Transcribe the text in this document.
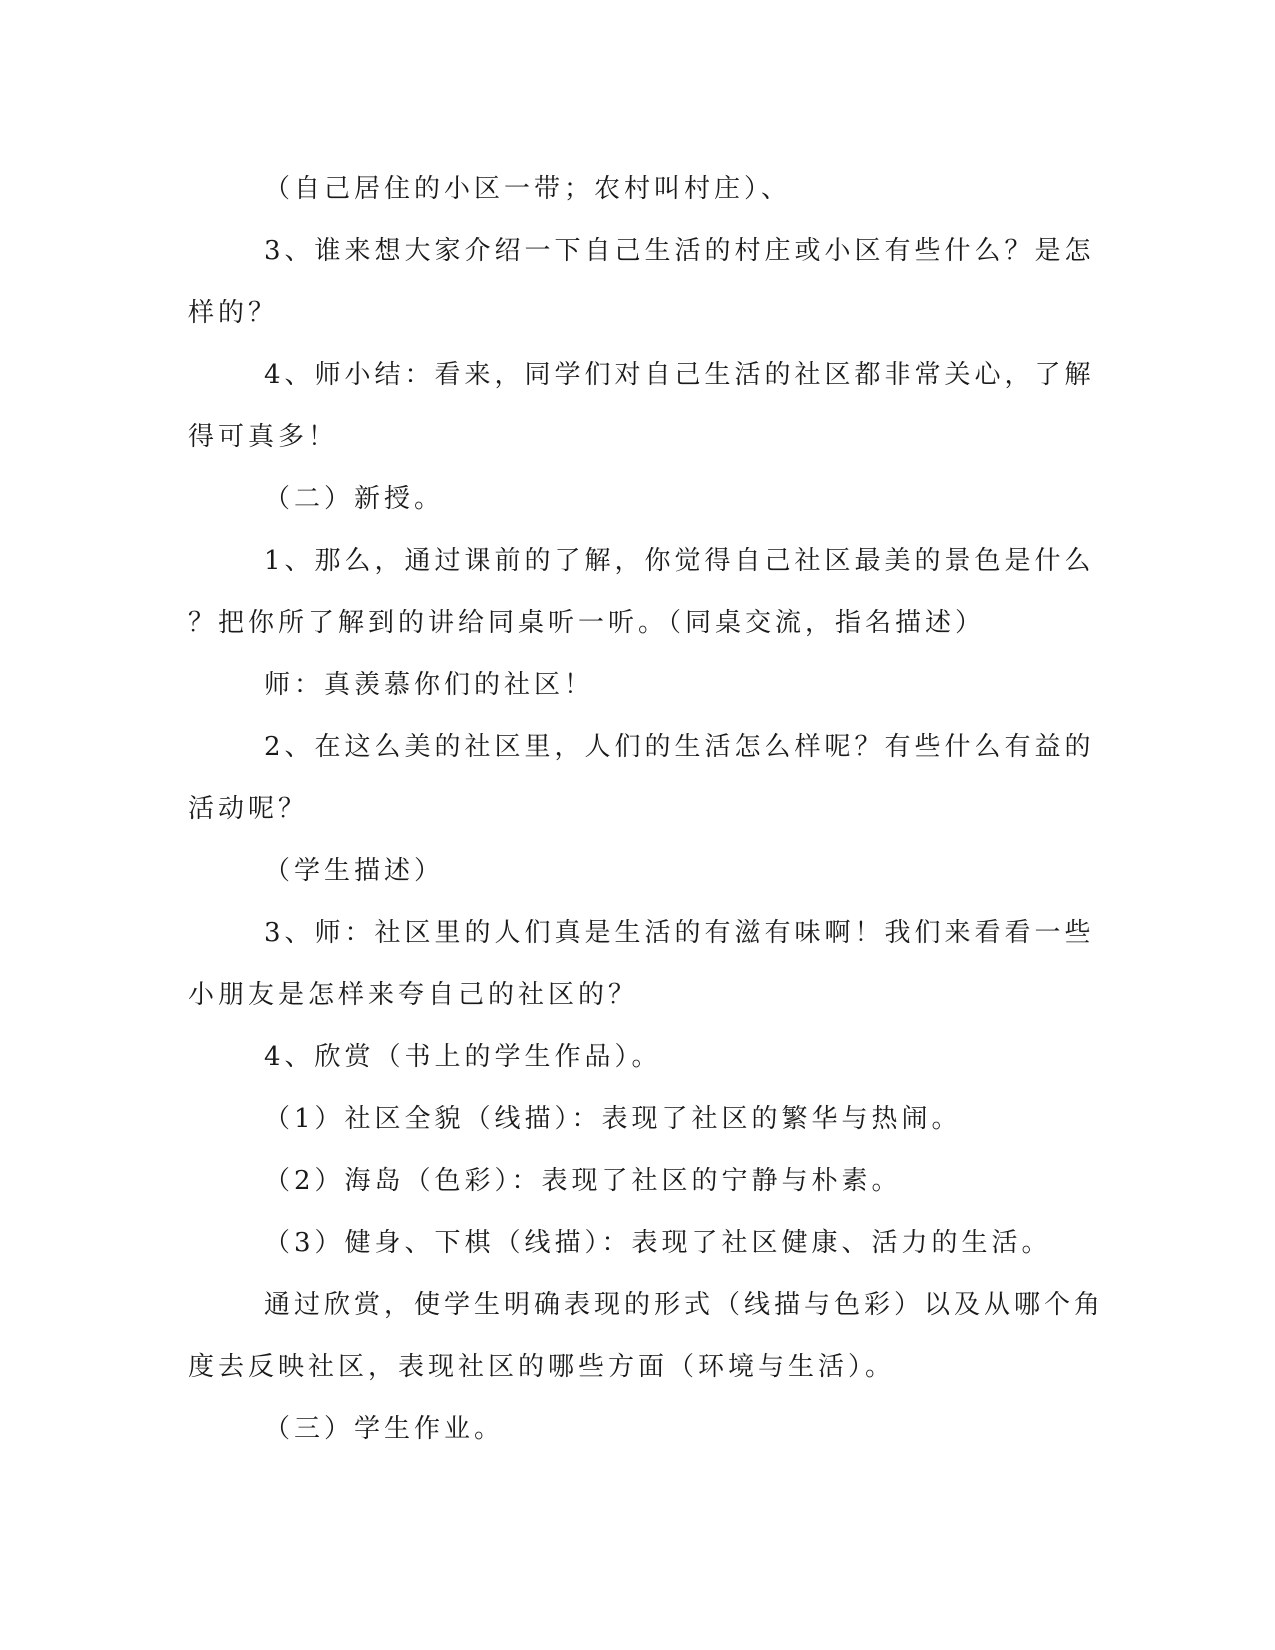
（自己居住的小区一带；农村叫村庄）、

3、谁来想大家介绍一下自己生活的村庄或小区有些什么？是怎

样的？

4、师小结：看来，同学们对自己生活的社区都非常关心，了解

得可真多！

（二）新授。

1、那么，通过课前的了解，你觉得自己社区最美的景色是什么

？把你所了解到的讲给同桌听一听。（同桌交流，指名描述）

师：真羡慕你们的社区！

2、在这么美的社区里，人们的生活怎么样呢？有些什么有益的

活动呢？

（学生描述）

3、师：社区里的人们真是生活的有滋有味啊！我们来看看一些

小朋友是怎样来夸自己的社区的？

4、欣赏（书上的学生作品）。

（1）社区全貌（线描）：表现了社区的繁华与热闹。

（2）海岛（色彩）：表现了社区的宁静与朴素。

（3）健身、下棋（线描）：表现了社区健康、活力的生活。

通过欣赏，使学生明确表现的形式（线描与色彩）以及从哪个角

度去反映社区，表现社区的哪些方面（环境与生活）。

（三）学生作业。
